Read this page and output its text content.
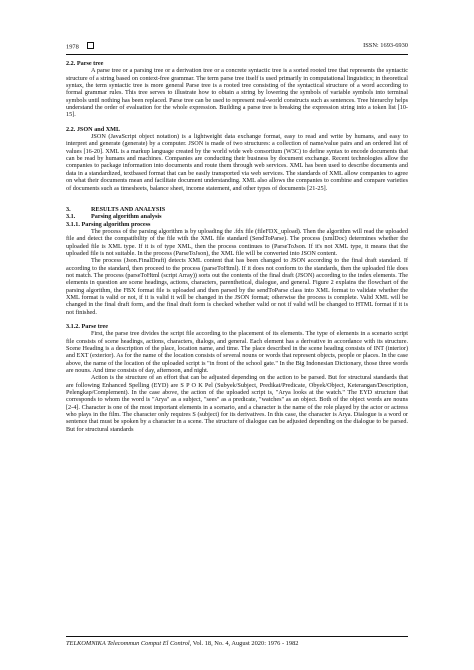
1978	ISSN: 1693-6930

2.2. Parse tree

A parse tree or a parsing tree or a derivation tree or a concrete syntactic tree is a sorted rooted tree that represents the syntactic structure of a string based on context-free grammar. The term parse tree itself is used primarily in computational linguistics; in theoretical syntax, the term syntactic tree is more general Parse tree is a rooted tree consisting of the syntactical structure of a word according to formal grammar rules. This tree serves to illustrate how to obtain a string by lowering the symbols of variable symbols into terminal symbols until nothing has been replaced. Parse tree can be used to represent real-world constructs such as sentences. Tree hierarchy helps understand the order of evaluation for the whole expression. Building a parse tree is breaking the expression string into a token list [10-15].

2.2. JSON and XML

JSON (JavaScript object notation) is a lightweight data exchange format, easy to read and write by humans, and easy to interpret and generate (generate) by a computer. JSON is made of two structures: a collection of name/value pairs and an ordered list of values [16-20]. XML is a markup language created by the world wide web consortium (W3C) to define syntax to encode documents that can be read by humans and machines. Companies are conducting their business by document exchange. Recent technologies allow the companies to package information into documents and route them through web services. XML has been used to describe documents and data in a standardized, textbased format that can be easily transported via web services. The standards of XML allow companies to agree on what their documents mean and facilitate document understanding. XML also allows the companies to combine and compare varieties of documents such as timesheets, balance sheet, income statement, and other types of documents [21-25].

3.	RESULTS AND ANALYSIS

3.1.	Parsing algorithm analysis

3.1.1. Parsing algorithm process

The process of the parsing algorithm is by uploading the .fdx file (fileFDX_upload). Then the algorithm will read the uploaded file and detect the compatibility of the file with the XML file standard (SendToParse). The process (xmlDoc) determines whether the uploaded file is XML type. If it is of type XML, then the process continues to (ParseToJson. If it's not XML type, it means that the uploaded file is not suitable. In the process (ParseToJson), the XML file will be converted into JSON content.

The process (Json.FinalDraft) detects XML content that has been changed to JSON according to the final draft standard. If according to the standard, then proceed to the process (parseToHtml). If it does not conform to the standards, then the uploaded file does not match. The process (parseToHtml (script Array)) sorts out the contents of the final draft (JSON) according to the index elements. The elements in question are scene headings, actions, characters, parenthetical, dialogue, and general. Figure 2 explains the flowchart of the parsing algorithm, the FBX format file is uploaded and then parsed by the sendToParse class into XML format to validate whether the XML format is valid or not, if it is valid it will be changed in the JSON format; otherwise the process is complete. Valid XML will be changed in the final draft form, and the final draft form is checked whether valid or not if valid will be changed to HTML format if it is not finished.

3.1.2. Parse tree

First, the parse tree divides the script file according to the placement of its elements. The type of elements in a scenario script file consists of scene headings, actions, characters, dialogs, and general. Each element has a derivative in accordance with its structure. Scene Heading is a description of the place, location name, and time. The place described in the scene heading consists of INT (interior) and EXT (exterior). As for the name of the location consists of several nouns or words that represent objects, people or places. In the case above, the name of the location of the uploaded script is "in front of the school gate." In the Big Indonesian Dictionary, those three words are nouns. And time consists of day, afternoon, and night.

Action is the structure of an effort that can be adjusted depending on the action to be parsed. But for structural standards that are following Enhanced Spelling (EYD) are S P O K Pel (Subyek/Subject, Predikat/Predicate, Obyek/Object, Keterangan/Description, Pelengkap/Complement). In the case above, the action of the uploaded script is, "Arya looks at the watch." The EYD structure that corresponds to whom the word is "Arya" as a subject, "sees" as a predicate, "watches" as an object. Both of the object words are nouns [2-4]. Character is one of the most important elements in a scenario, and a character is the name of the role played by the actor or actress who plays in the film. The character only requires S (subject) for its derivatives. In this case, the character is Arya. Dialogue is a word or sentence that must be spoken by a character in a scene. The structure of dialogue can be adjusted depending on the dialogue to be parsed. But for structural standards

TELKOMNIKA Telecommun Comput El Control, Vol. 18, No. 4, August 2020: 1976 - 1982
